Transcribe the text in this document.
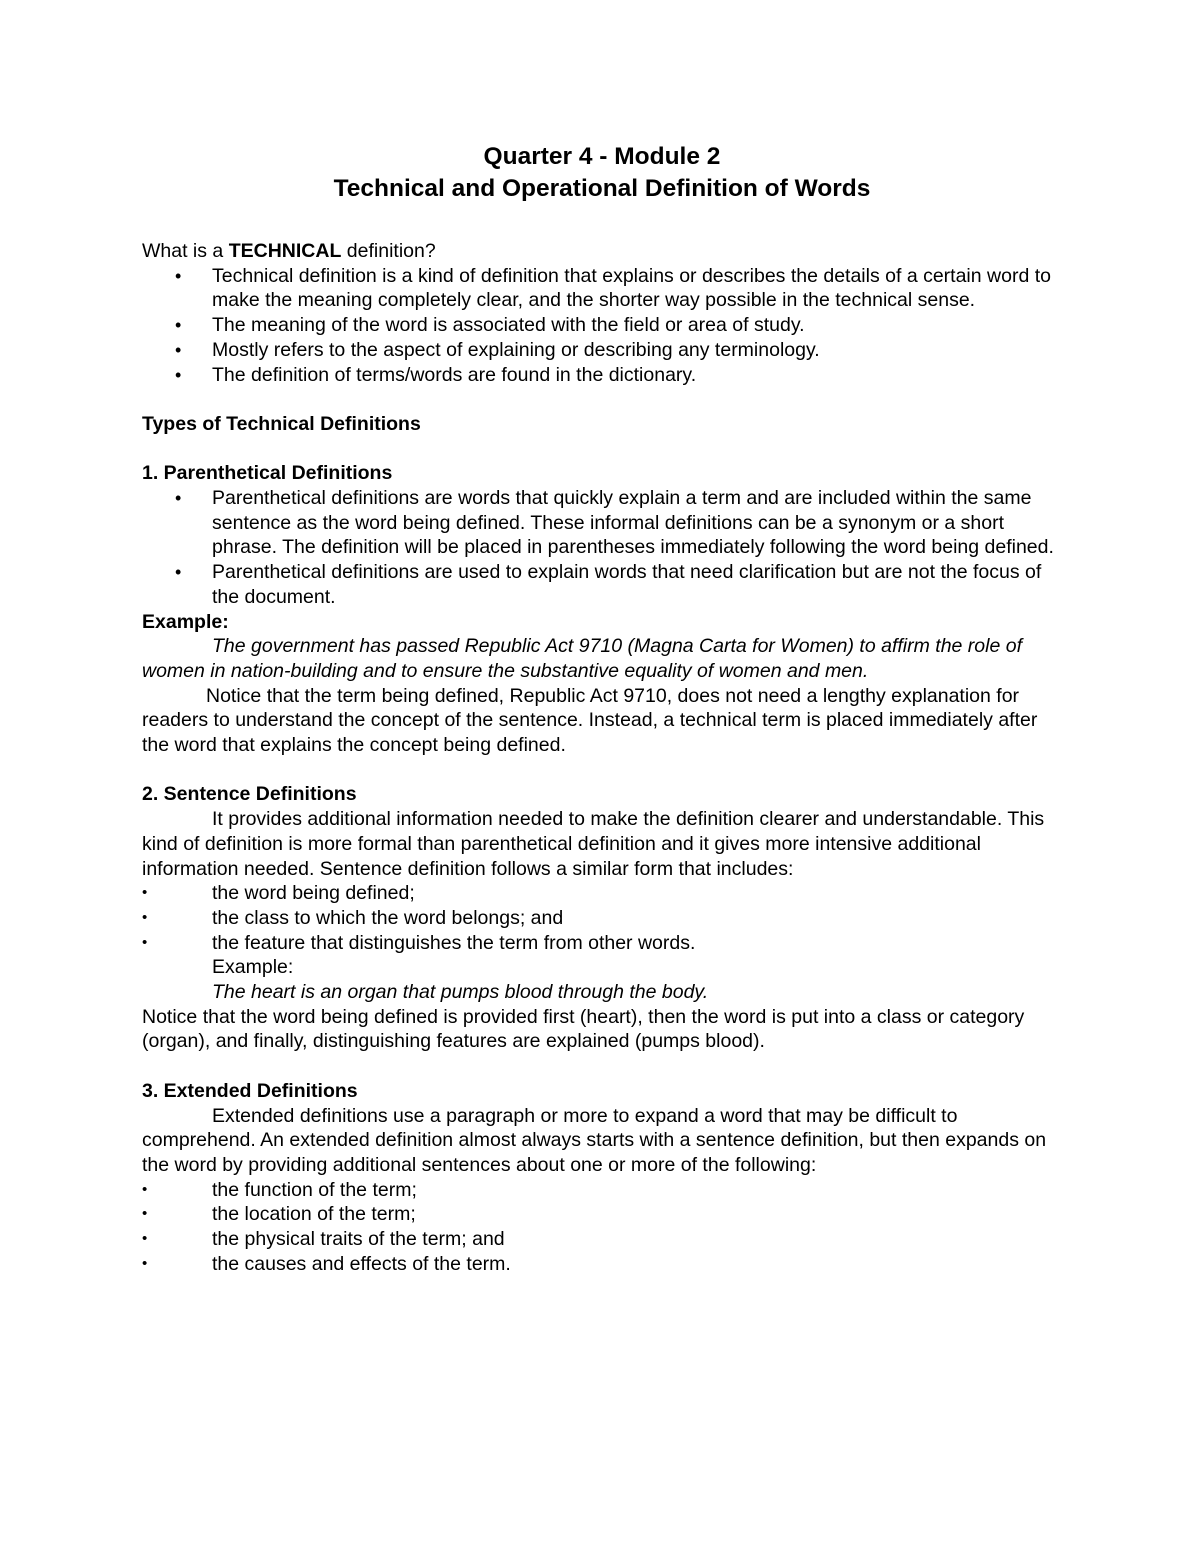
Quarter 4 - Module 2

Technical and Operational Definition of Words

What is a TECHNICAL definition?

• Technical definition is a kind of definition that explains or describes the details of a certain word to make the meaning completely clear, and the shorter way possible in the technical sense.
• The meaning of the word is associated with the field or area of study.
• Mostly refers to the aspect of explaining or describing any terminology.
• The definition of terms/words are found in the dictionary.

Types of Technical Definitions

1. Parenthetical Definitions

• Parenthetical definitions are words that quickly explain a term and are included within the same sentence as the word being defined. These informal definitions can be a synonym or a short phrase. The definition will be placed in parentheses immediately following the word being defined.
• Parenthetical definitions are used to explain words that need clarification but are not the focus of the document.

Example:

The government has passed Republic Act 9710 (Magna Carta for Women) to affirm the role of women in nation-building and to ensure the substantive equality of women and men.

Notice that the term being defined, Republic Act 9710, does not need a lengthy explanation for readers to understand the concept of the sentence. Instead, a technical term is placed immediately after the word that explains the concept being defined.

2. Sentence Definitions

It provides additional information needed to make the definition clearer and understandable. This kind of definition is more formal than parenthetical definition and it gives more intensive additional information needed. Sentence definition follows a similar form that includes:

•	the word being defined;
•	the class to which the word belongs; and
•	the feature that distinguishes the term from other words.

Example:

The heart is an organ that pumps blood through the body.

Notice that the word being defined is provided first (heart), then the word is put into a class or category (organ), and finally, distinguishing features are explained (pumps blood).

3. Extended Definitions

Extended definitions use a paragraph or more to expand a word that may be difficult to comprehend. An extended definition almost always starts with a sentence definition, but then expands on the word by providing additional sentences about one or more of the following:

•	the function of the term;
•	the location of the term;
•	the physical traits of the term; and
•	the causes and effects of the term.
